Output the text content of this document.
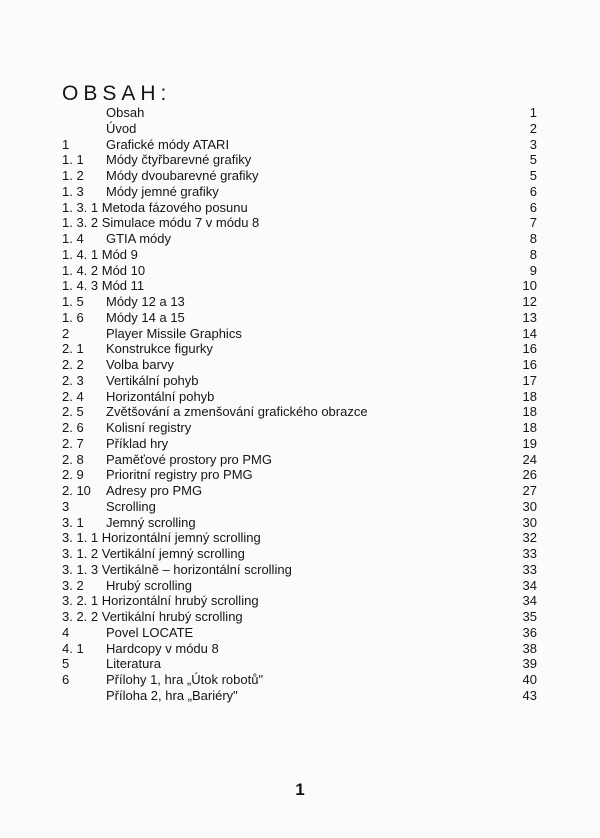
OBSAH:
Obsah	1
Úvod	2
1	Grafické módy ATARI	3
1. 1 Módy čtyřbarevné grafiky	5
1. 2 Módy dvoubarevné grafiky	5
1. 3 Módy jemné grafiky	6
1. 3. 1 Metoda fázového posunu	6
1. 3. 2 Simulace módu 7 v módu 8	7
1. 4 GTIA módy	8
1. 4. 1 Mód 9	8
1. 4. 2 Mód 10	9
1. 4. 3 Mód 11	10
1. 5 Módy 12 a 13	12
1. 6 Módy 14 a 15	13
2	Player Missile Graphics	14
2. 1 Konstrukce figurky	16
2. 2 Volba barvy	16
2. 3 Vertikální pohyb	17
2. 4 Horizontální pohyb	18
2. 5 Zvětšování a zmenšování grafického obrazce	18
2. 6 Kolisní registry	18
2. 7 Příklad hry	19
2. 8 Paměťové prostory pro PMG	24
2. 9 Prioritní registry pro PMG	26
2. 10 Adresy pro PMG	27
3	Scrolling	30
3. 1 Jemný scrolling	30
3. 1. 1 Horizontální jemný scrolling	32
3. 1. 2 Vertikální jemný scrolling	33
3. 1. 3 Vertikálně – horizontální scrolling	33
3. 2 Hrubý scrolling	34
3. 2. 1 Horizontální hrubý scrolling	34
3. 2. 2 Vertikální hrubý scrolling	35
4	Povel LOCATE	36
4. 1 Hardcopy v módu 8	38
5	Literatura	39
6	Přílohy 1, hra „Útok robotů"	40
Příloha 2, hra „Bariéry"	43
1
